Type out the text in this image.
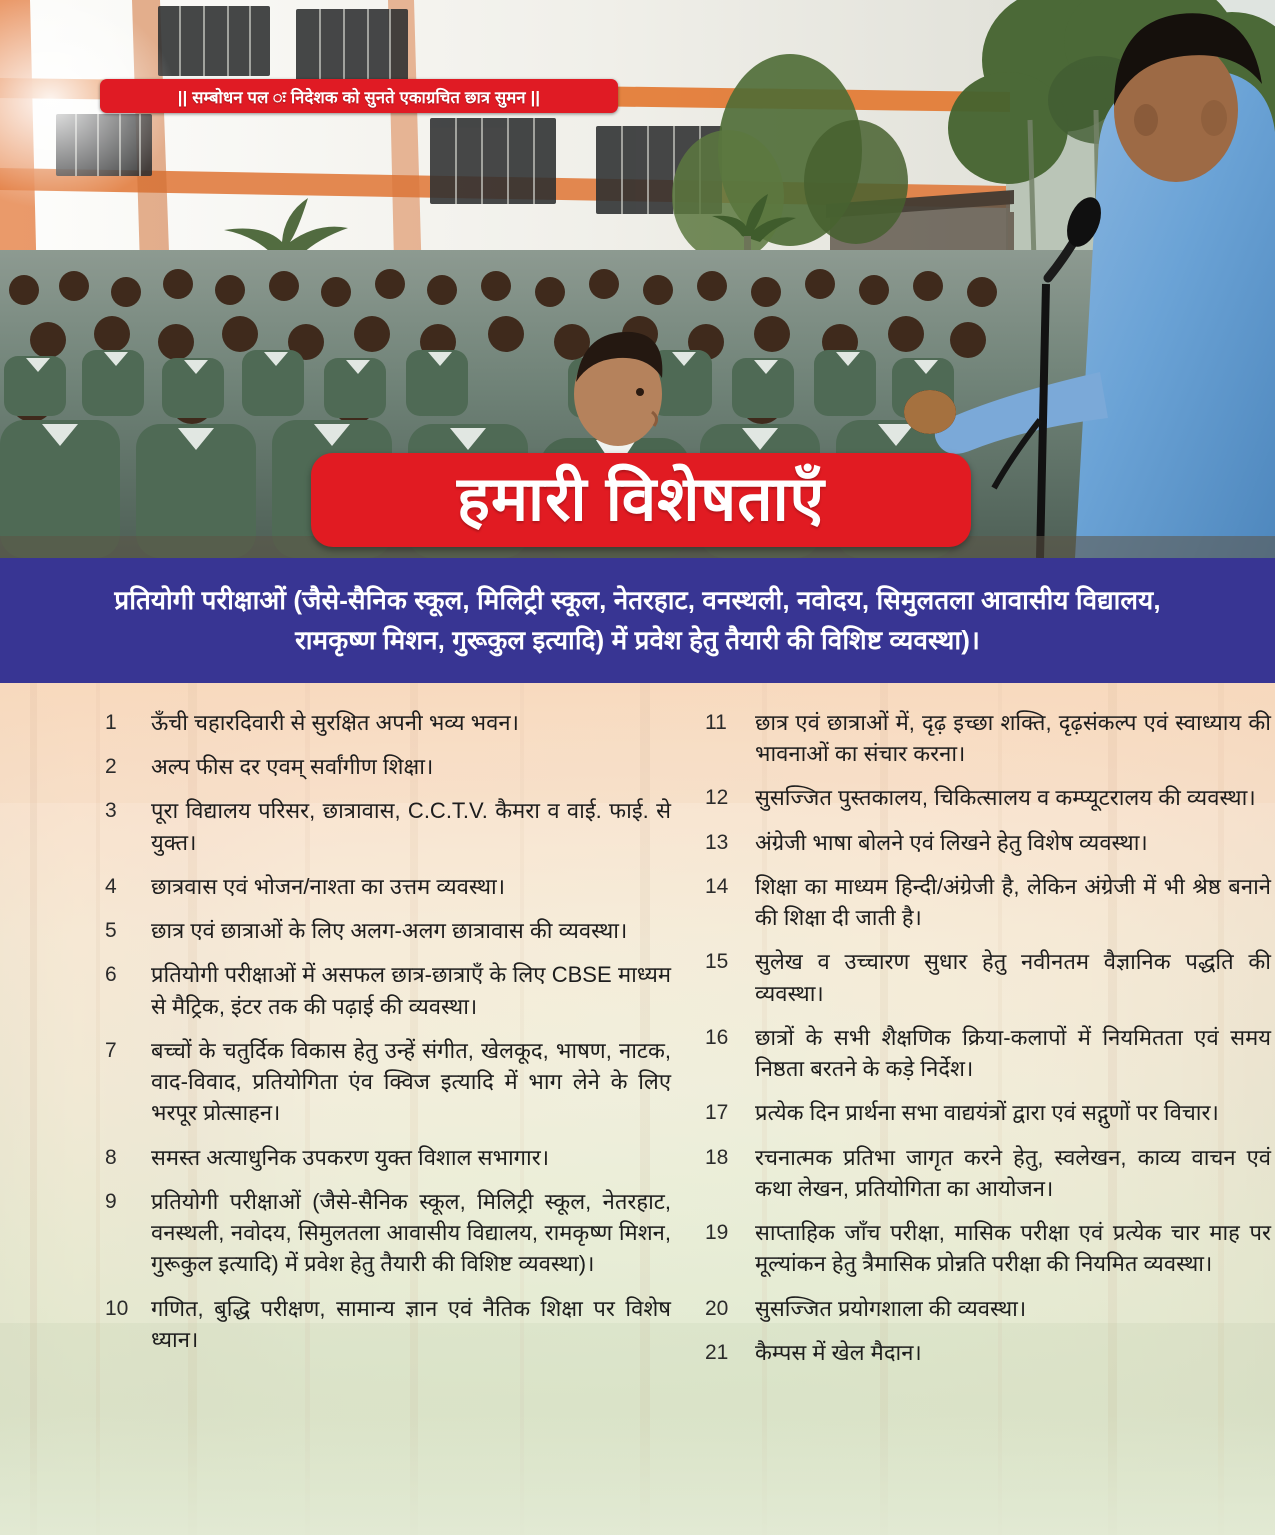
|| सम्बोधन पल ः निदेशक को सुनते एकाग्रचित छात्र सुमन ||
हमारी विशेषताएँ

प्रतियोगी परीक्षाओं (जैसे-सैनिक स्कूल, मिलिट्री स्कूल, नेतरहाट, वनस्थली, नवोदय, सिमुलतला आवासीय विद्यालय, रामकृष्ण मिशन, गुरूकुल इत्यादि) में प्रवेश हेतु तैयारी की विशिष्ट व्यवस्था)।

1	ऊँची चहारदिवारी से सुरक्षित अपनी भव्य भवन।
2	अल्प फीस दर एवम् सर्वांगीण शिक्षा।
3	पूरा विद्यालय परिसर, छात्रावास, C.C.T.V. कैमरा व वाई. फाई. से युक्त।
4	छात्रवास एवं भोजन/नाश्ता का उत्तम व्यवस्था।
5	छात्र एवं छात्राओं के लिए अलग-अलग छात्रावास की व्यवस्था।
6	प्रतियोगी परीक्षाओं में असफल छात्र-छात्राएँ के लिए CBSE माध्यम से मैट्रिक, इंटर तक की पढ़ाई की व्यवस्था।
7	बच्चों के चतुर्दिक विकास हेतु उन्हें संगीत, खेलकूद, भाषण, नाटक, वाद-विवाद, प्रतियोगिता एंव क्विज इत्यादि में भाग लेने के लिए भरपूर प्रोत्साहन।
8	समस्त अत्याधुनिक उपकरण युक्त विशाल सभागार।
9	प्रतियोगी परीक्षाओं (जैसे-सैनिक स्कूल, मिलिट्री स्कूल, नेतरहाट, वनस्थली, नवोदय, सिमुलतला आवासीय विद्यालय, रामकृष्ण मिशन, गुरूकुल इत्यादि) में प्रवेश हेतु तैयारी की विशिष्ट व्यवस्था)।
10	गणित, बुद्धि परीक्षण, सामान्य ज्ञान एवं नैतिक शिक्षा पर विशेष ध्यान।
11	छात्र एवं छात्राओं में, दृढ़ इच्छा शक्ति, दृढ़संकल्प एवं स्वाध्याय की भावनाओं का संचार करना।
12	सुसज्जित पुस्तकालय, चिकित्सालय व कम्प्यूटरालय की व्यवस्था।
13	अंग्रेजी भाषा बोलने एवं लिखने हेतु विशेष व्यवस्था।
14	शिक्षा का माध्यम हिन्दी/अंग्रेजी है, लेकिन अंग्रेजी में भी श्रेष्ठ बनाने की शिक्षा दी जाती है।
15	सुलेख व उच्चारण सुधार हेतु नवीनतम वैज्ञानिक पद्धति की व्यवस्था।
16	छात्रों के सभी शैक्षणिक क्रिया-कलापों में नियमितता एवं समय निष्ठता बरतने के कड़े निर्देश।
17	प्रत्येक दिन प्रार्थना सभा वाद्ययंत्रों द्वारा एवं सद्गुणों पर विचार।
18	रचनात्मक प्रतिभा जागृत करने हेतु, स्वलेखन, काव्य वाचन एवं कथा लेखन, प्रतियोगिता का आयोजन।
19	साप्ताहिक जाँच परीक्षा, मासिक परीक्षा एवं प्रत्येक चार माह पर मूल्यांकन हेतु त्रैमासिक प्रोन्नति परीक्षा की नियमित व्यवस्था।
20	सुसज्जित प्रयोगशाला की व्यवस्था।
21	कैम्पस में खेल मैदान।
